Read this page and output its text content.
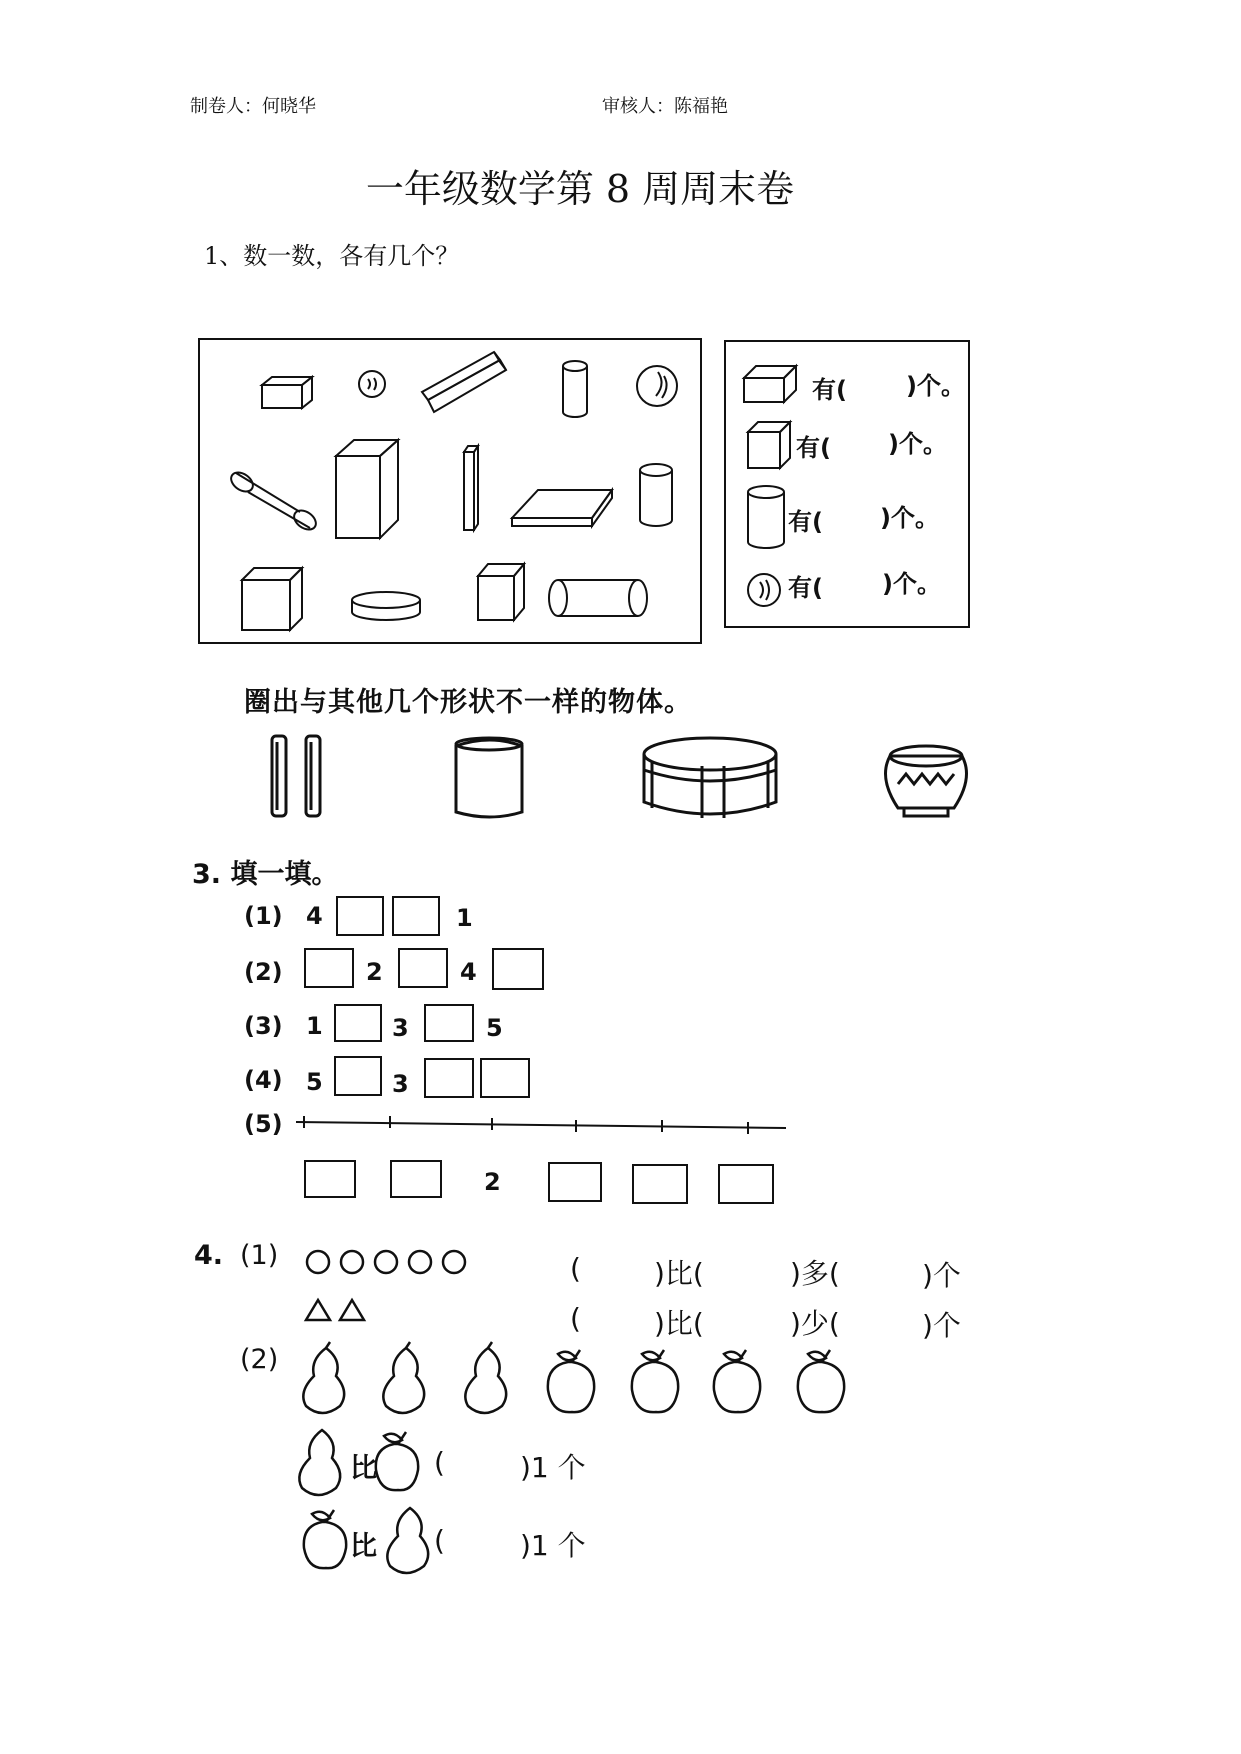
制卷人：何晓华	审核人：陈福艳
一年级数学第 8 周周末卷
1、数一数，各有几个？
有( )个。
有( )个。
有( )个。
有( )个。
圈出与其他几个形状不一样的物体。
3. 填一填。
(1) 4	1
(2)	2	4
(3) 1	3	5
(4) 5	3
(5)
2
4. (1)	(	)比(	)多(	)个
(	)比(	)少(	)个
(2)
比 (	)1 个
比 (	)1 个
